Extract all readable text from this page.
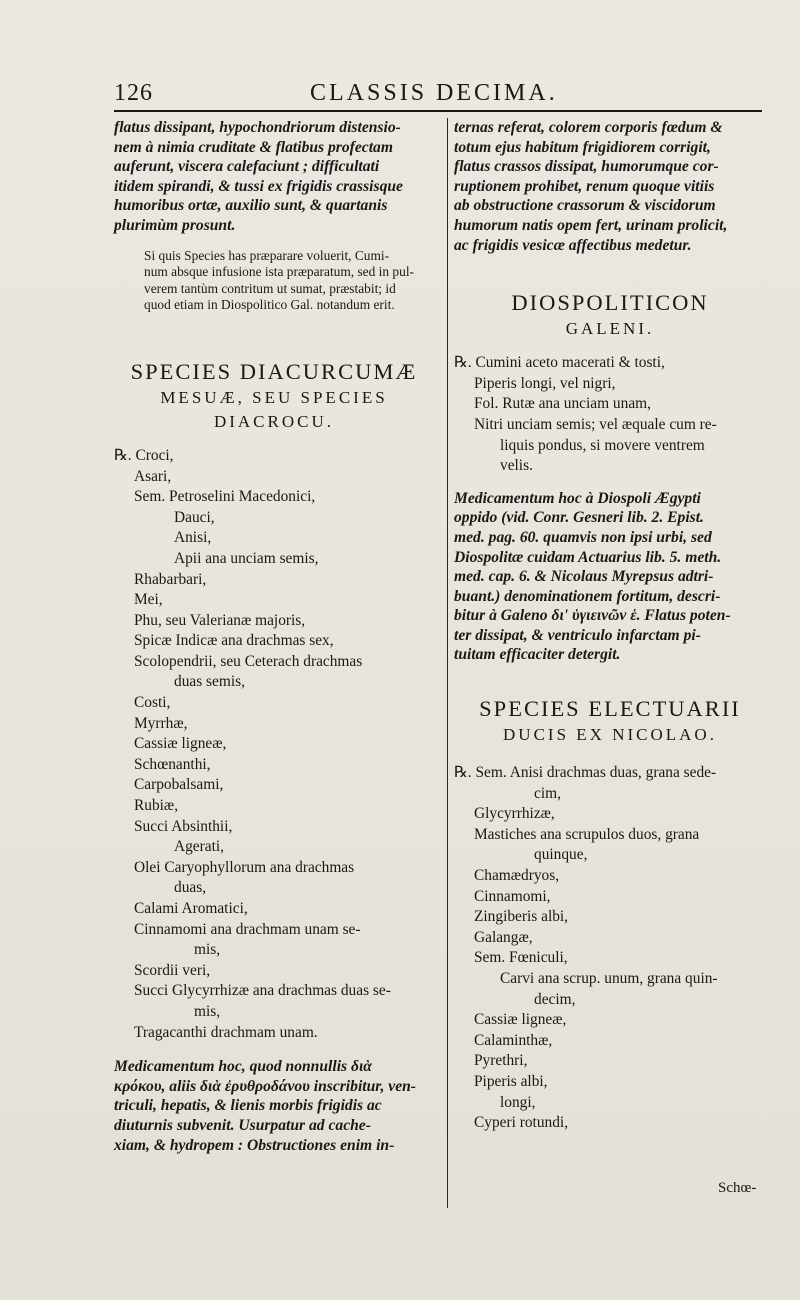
126	CLASSIS DECIMA.
flatus dissipant, hypochondriorum distensio-
nem à nimia cruditate & flatibus profectam
auferunt, viscera calefaciunt ; difficultati
itidem spirandi, & tussi ex frigidis crassisque
humoribus ortæ, auxilio sunt, & quartanis
plurimùm prosunt.
Si quis Species has præparare voluerit, Cumi-
num absque infusione ista præparatum, sed in pul-
verem tantùm contritum ut sumat, præstabit; id
quod etiam in Diospolitico Gal. notandum erit.

SPECIES DIACURCUMÆ

MESUÆ, SEU SPECIES

DIACROCU.

℞. Croci,
Asari,
Sem. Petroselini Macedonici,
Dauci,
Anisi,
Apii ana unciam semis,
Rhabarbari,
Mei,
Phu, seu Valerianæ majoris,
Spicæ Indicæ ana drachmas sex,
Scolopendrii, seu Ceterach drachmas
duas semis,
Costi,
Myrrhæ,
Cassiæ ligneæ,
Schœnanthi,
Carpobalsami,
Rubiæ,
Succi Absinthii,
Agerati,
Olei Caryophyllorum ana drachmas
duas,
Calami Aromatici,
Cinnamomi ana drachmam unam se-
mis,
Scordii veri,
Succi Glycyrrhizæ ana drachmas duas se-
mis,
Tragacanthi drachmam unam.
Medicamentum hoc, quod nonnullis διὰ
κρόκου, aliis διὰ ἐρυθροδάνου inscribitur, ven-
triculi, hepatis, & lienis morbis frigidis ac
diuturnis subvenit. Usurpatur ad cache-
xiam, & hydropem : Obstructiones enim in-
ternas referat, colorem corporis fœdum &
totum ejus habitum frigidiorem corrigit,
flatus crassos dissipat, humorumque cor-
ruptionem prohibet, renum quoque vitiis
ab obstructione crassorum & viscidorum
humorum natis opem fert, urinam prolicit,
ac frigidis vesicæ affectibus medetur.

DIOSPOLITICON

GALENI.

℞. Cumini aceto macerati & tosti,
Piperis longi, vel nigri,
Fol. Rutæ ana unciam unam,
Nitri unciam semis; vel æquale cum re-
liquis pondus, si movere ventrem
velis.
Medicamentum hoc à Diospoli Ægypti
oppido (vid. Conr. Gesneri lib. 2. Epist.
med. pag. 60. quamvis non ipsi urbi, sed
Diospolitæ cuidam Actuarius lib. 5. meth.
med. cap. 6. & Nicolaus Myrepsus adtri-
buant.) denominationem fortitum, descri-
bitur à Galeno δι' ὑγιεινῶν ἑ. Flatus poten-
ter dissipat, & ventriculo infarctam pi-
tuitam efficaciter detergit.

SPECIES ELECTUARII

DUCIS EX NICOLAO.

℞. Sem. Anisi drachmas duas, grana sede-
cim,
Glycyrrhizæ,
Mastiches ana scrupulos duos, grana
quinque,
Chamædryos,
Cinnamomi,
Zingiberis albi,
Galangæ,
Sem. Fœniculi,
Carvi ana scrup. unum, grana quin-
decim,
Cassiæ ligneæ,
Calaminthæ,
Pyrethri,
Piperis albi,
longi,
Cyperi rotundi,
Schœ-
